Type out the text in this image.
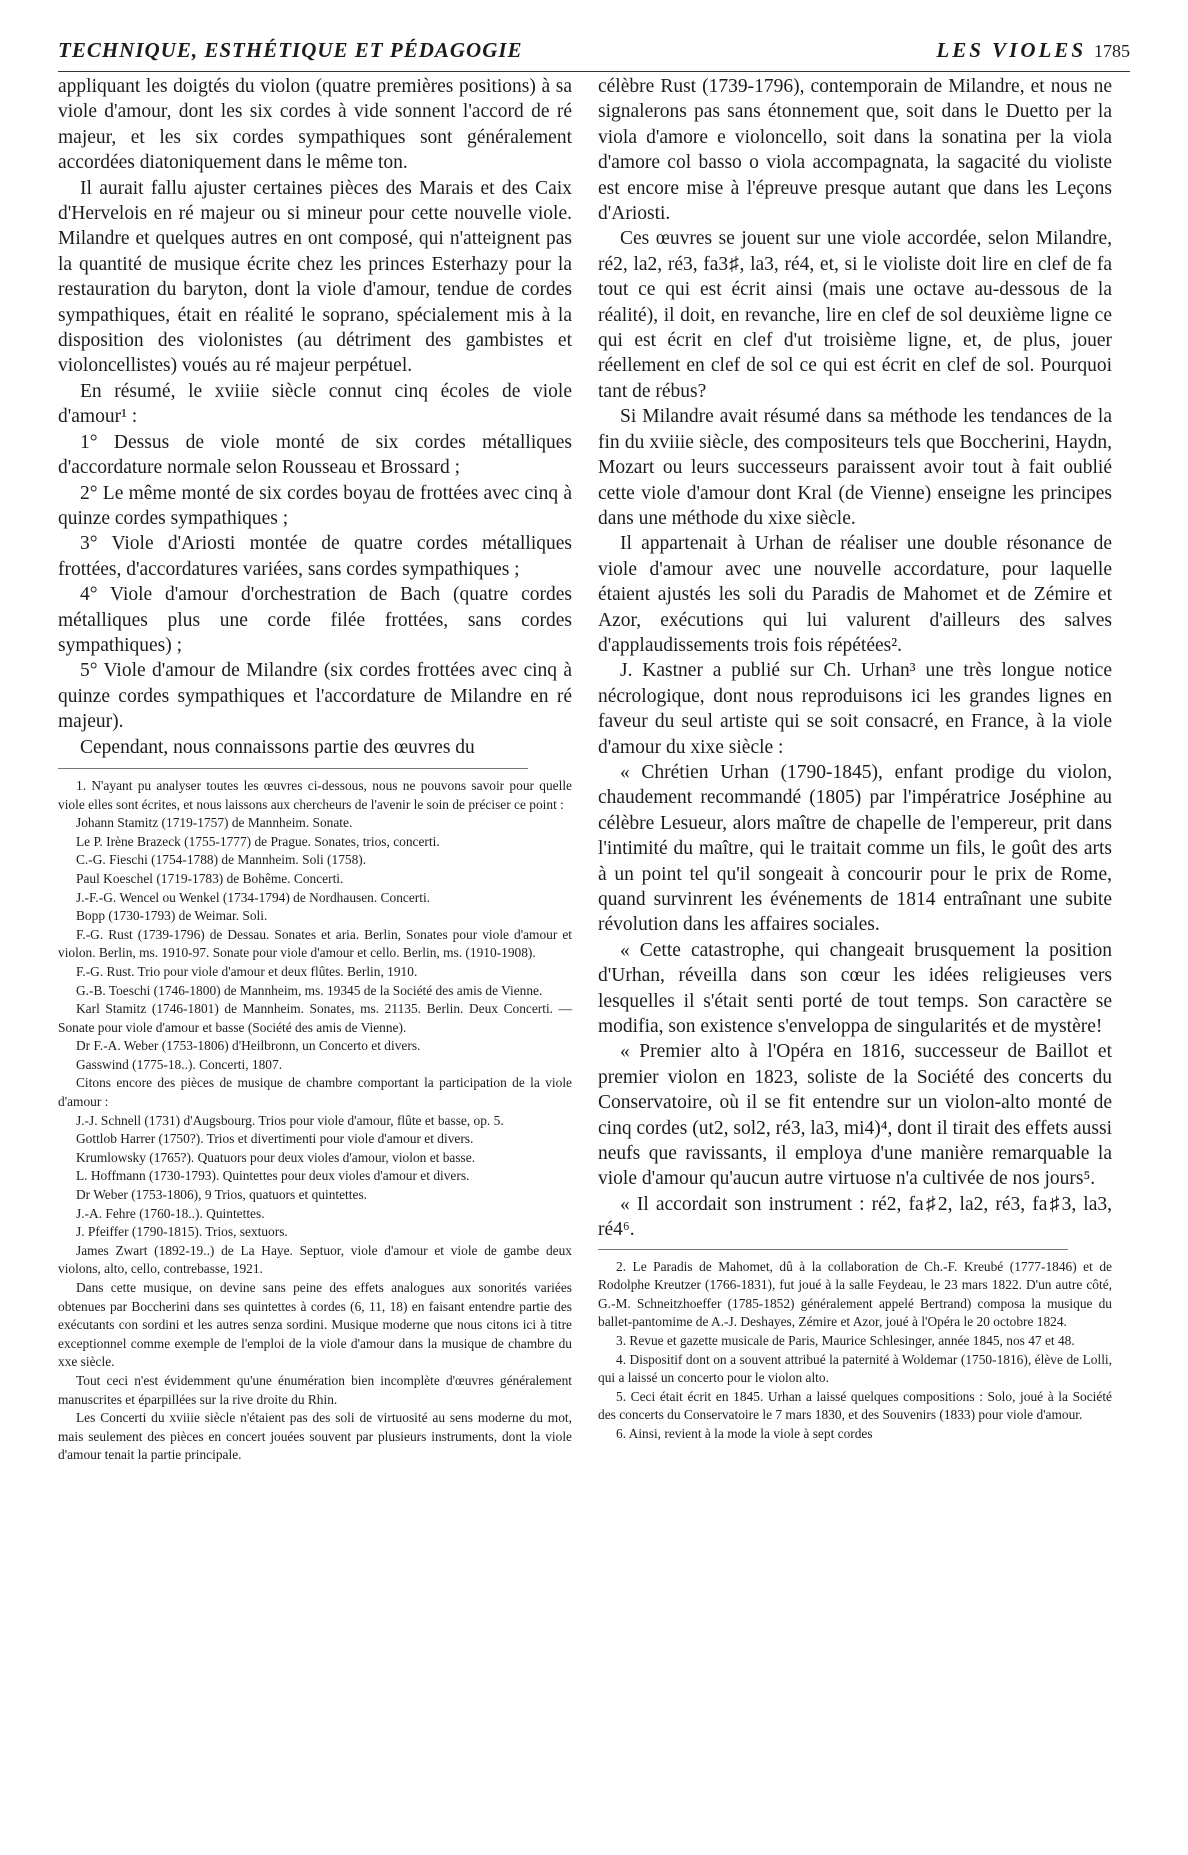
TECHNIQUE, ESTHÉTIQUE ET PÉDAGOGIE	LES VIOLES 1785

appliquant les doigtés du violon (quatre premières positions) à sa viole d'amour, dont les six cordes à vide sonnent l'accord de ré majeur, et les six cordes sympathiques sont généralement accordées diatoniquement dans le même ton.

Il aurait fallu ajuster certaines pièces des Marais et des Caix d'Hervelois en ré majeur ou si mineur pour cette nouvelle viole. Milandre et quelques autres en ont composé, qui n'atteignent pas la quantité de musique écrite chez les princes Esterhazy pour la restauration du baryton, dont la viole d'amour, tendue de cordes sympathiques, était en réalité le soprano, spécialement mis à la disposition des violonistes (au détriment des gambistes et violoncellistes) voués au ré majeur perpétuel.

En résumé, le xviiie siècle connut cinq écoles de viole d'amour¹ :

1° Dessus de viole monté de six cordes métalliques d'accordature normale selon Rousseau et Brossard ;

2° Le même monté de six cordes boyau de frottées avec cinq à quinze cordes sympathiques ;

3° Viole d'Ariosti montée de quatre cordes métalliques frottées, d'accordatures variées, sans cordes sympathiques ;

4° Viole d'amour d'orchestration de Bach (quatre cordes métalliques plus une corde filée frottées, sans cordes sympathiques) ;

5° Viole d'amour de Milandre (six cordes frottées avec cinq à quinze cordes sympathiques et l'accordature de Milandre en ré majeur).

Cependant, nous connaissons partie des œuvres du

1. N'ayant pu analyser toutes les œuvres ci-dessous, nous ne pouvons savoir pour quelle viole elles sont écrites, et nous laissons aux chercheurs de l'avenir le soin de préciser ce point :

Johann Stamitz (1719-1757) de Mannheim. Sonate.

Le P. Irène Brazeck (1755-1777) de Prague. Sonates, trios, concerti.

C.-G. Fieschi (1754-1788) de Mannheim. Soli (1758).

Paul Koeschel (1719-1783) de Bohême. Concerti.

J.-F.-G. Wencel ou Wenkel (1734-1794) de Nordhausen. Concerti.

Bopp (1730-1793) de Weimar. Soli.

F.-G. Rust (1739-1796) de Dessau. Sonates et aria. Berlin, Sonates pour viole d'amour et violon. Berlin, ms. 1910-97. Sonate pour viole d'amour et cello. Berlin, ms. (1910-1908).

F.-G. Rust. Trio pour viole d'amour et deux flûtes. Berlin, 1910.

G.-B. Toeschi (1746-1800) de Mannheim, ms. 19345 de la Société des amis de Vienne.

Karl Stamitz (1746-1801) de Mannheim. Sonates, ms. 21135. Berlin. Deux Concerti. — Sonate pour viole d'amour et basse (Société des amis de Vienne).

Dr F.-A. Weber (1753-1806) d'Heilbronn, un Concerto et divers.

Gasswind (1775-18..). Concerti, 1807.

Citons encore des pièces de musique de chambre comportant la participation de la viole d'amour :

J.-J. Schnell (1731) d'Augsbourg. Trios pour viole d'amour, flûte et basse, op. 5.

Gottlob Harrer (1750?). Trios et divertimenti pour viole d'amour et divers.

Krumlowsky (1765?). Quatuors pour deux violes d'amour, violon et basse.

L. Hoffmann (1730-1793). Quintettes pour deux violes d'amour et divers.

Dr Weber (1753-1806), 9 Trios, quatuors et quintettes.

J.-A. Fehre (1760-18..). Quintettes.

J. Pfeiffer (1790-1815). Trios, sextuors.

James Zwart (1892-19..) de La Haye. Septuor, viole d'amour et viole de gambe deux violons, alto, cello, contrebasse, 1921.

Dans cette musique, on devine sans peine des effets analogues aux sonorités variées obtenues par Boccherini dans ses quintettes à cordes (6, 11, 18) en faisant entendre partie des exécutants con sordini et les autres senza sordini. Musique moderne que nous citons ici à titre exceptionnel comme exemple de l'emploi de la viole d'amour dans la musique de chambre du xxe siècle.

Tout ceci n'est évidemment qu'une énumération bien incomplète d'œuvres généralement manuscrites et éparpillées sur la rive droite du Rhin.

Les Concerti du xviiie siècle n'étaient pas des soli de virtuosité au sens moderne du mot, mais seulement des pièces en concert jouées souvent par plusieurs instruments, dont la viole d'amour tenait la partie principale.

célèbre Rust (1739-1796), contemporain de Milandre, et nous ne signalerons pas sans étonnement que, soit dans le Duetto per la viola d'amore e violoncello, soit dans la sonatina per la viola d'amore col basso o viola accompagnata, la sagacité du violiste est encore mise à l'épreuve presque autant que dans les Leçons d'Ariosti.

Ces œuvres se jouent sur une viole accordée, selon Milandre, ré2, la2, ré3, fa3♯, la3, ré4, et, si le violiste doit lire en clef de fa tout ce qui est écrit ainsi (mais une octave au-dessous de la réalité), il doit, en revanche, lire en clef de sol deuxième ligne ce qui est écrit en clef d'ut troisième ligne, et, de plus, jouer réellement en clef de sol ce qui est écrit en clef de sol. Pourquoi tant de rébus?

Si Milandre avait résumé dans sa méthode les tendances de la fin du xviiie siècle, des compositeurs tels que Boccherini, Haydn, Mozart ou leurs successeurs paraissent avoir tout à fait oublié cette viole d'amour dont Kral (de Vienne) enseigne les principes dans une méthode du xixe siècle.

Il appartenait à Urhan de réaliser une double résonance de viole d'amour avec une nouvelle accordature, pour laquelle étaient ajustés les soli du Paradis de Mahomet et de Zémire et Azor, exécutions qui lui valurent d'ailleurs des salves d'applaudissements trois fois répétées².

J. Kastner a publié sur Ch. Urhan³ une très longue notice nécrologique, dont nous reproduisons ici les grandes lignes en faveur du seul artiste qui se soit consacré, en France, à la viole d'amour du xixe siècle :

« Chrétien Urhan (1790-1845), enfant prodige du violon, chaudement recommandé (1805) par l'impératrice Joséphine au célèbre Lesueur, alors maître de chapelle de l'empereur, prit dans l'intimité du maître, qui le traitait comme un fils, le goût des arts à un point tel qu'il songeait à concourir pour le prix de Rome, quand survinrent les événements de 1814 entraînant une subite révolution dans les affaires sociales.

« Cette catastrophe, qui changeait brusquement la position d'Urhan, réveilla dans son cœur les idées religieuses vers lesquelles il s'était senti porté de tout temps. Son caractère se modifia, son existence s'enveloppa de singularités et de mystère!

« Premier alto à l'Opéra en 1816, successeur de Baillot et premier violon en 1823, soliste de la Société des concerts du Conservatoire, où il se fit entendre sur un violon-alto monté de cinq cordes (ut2, sol2, ré3, la3, mi4)⁴, dont il tirait des effets aussi neufs que ravissants, il employa d'une manière remarquable la viole d'amour qu'aucun autre virtuose n'a cultivée de nos jours⁵.

« Il accordait son instrument : ré2, fa♯2, la2, ré3, fa♯3, la3, ré4⁶.

2. Le Paradis de Mahomet, dû à la collaboration de Ch.-F. Kreubé (1777-1846) et de Rodolphe Kreutzer (1766-1831), fut joué à la salle Feydeau, le 23 mars 1822. D'un autre côté, G.-M. Schneitzhoeffer (1785-1852) généralement appelé Bertrand) composa la musique du ballet-pantomime de A.-J. Deshayes, Zémire et Azor, joué à l'Opéra le 20 octobre 1824.

3. Revue et gazette musicale de Paris, Maurice Schlesinger, année 1845, nos 47 et 48.

4. Dispositif dont on a souvent attribué la paternité à Woldemar (1750-1816), élève de Lolli, qui a laissé un concerto pour le violon alto.

5. Ceci était écrit en 1845. Urhan a laissé quelques compositions : Solo, joué à la Société des concerts du Conservatoire le 7 mars 1830, et des Souvenirs (1833) pour viole d'amour.

6. Ainsi, revient à la mode la viole à sept cordes
